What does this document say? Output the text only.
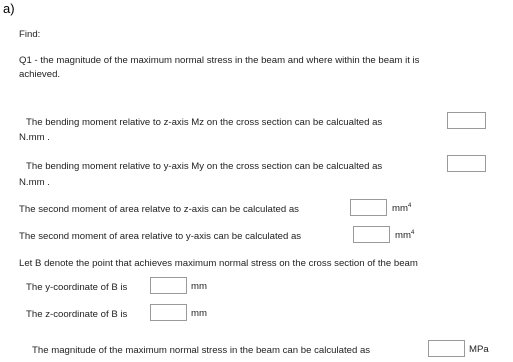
a)
Find:
Q1 - the magnitude of the maximum normal stress in the beam and where within the beam it is
achieved.
The bending moment relative to z-axis Mz on the cross section can be calcualted as
N.mm .
The bending moment relative to y-axis My on the cross section can be calcualted as
N.mm .
The second moment of area relatve to z-axis can be calculated as	$mm^4$
The second moment of area relative to y-axis can be calculated as	$mm^4$
Let B denote the point that achieves maximum normal stress on the cross section of the beam
The y-coordinate of B is	mm
The z-coordinate of B is	mm
The magnitude of the maximum normal stress in the beam can be calculated as	MPa
